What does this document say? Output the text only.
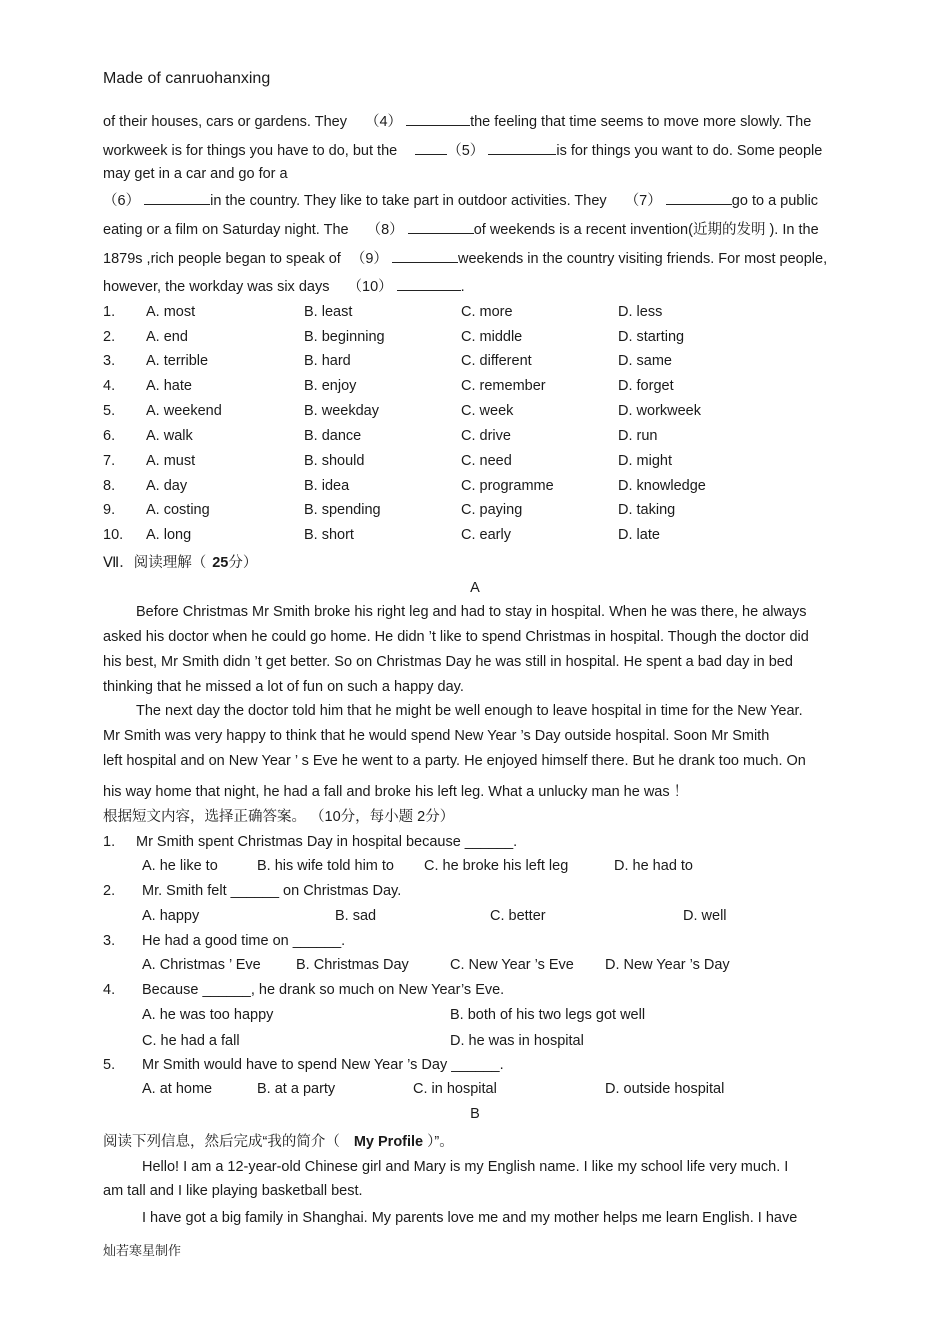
Made of canruohanxing
of their houses, cars or gardens. They （4）	the feeling that time seems to move more slowly. The
workweek is for things you have to do, but the	（5）	is for things you want to do. Some people
may get in a car and go for a
（6）	in the country. They like to take part in outdoor activities. They （7）	go to a public
eating or a film on Saturday night. The （8）	of weekends is a recent invention(近期的发明 ). In the
1879s ,rich people began to speak of （9）	weekends in the country visiting friends. For most people,
however, the workday was six days （10）	.
1. A. most	B. least	C. more	D. less
2. A. end	B. beginning	C. middle	D. starting
3. A. terrible	B. hard	C. different	D. same
4. A. hate	B. enjoy	C. remember	D. forget
5. A. weekend	B. weekday	C. week	D. workweek
6. A. walk	B. dance	C. drive	D. run
7. A. must	B. should	C. need	D. might
8. A. day	B. idea	C. programme	D. knowledge
9. A. costing	B. spending	C. paying	D. taking
10. A. long	B. short	C. early	D. late
Ⅶ．阅读理解（ 25分）
A
Before Christmas Mr Smith broke his right leg and had to stay in hospital. When he was there, he always
asked his doctor when he could go home. He didn ’t like to spend Christmas in hospital. Though the doctor did
his best, Mr Smith didn ’t get better. So on Christmas Day he was still in hospital. He spent a bad day in bed
thinking that he missed a lot of fun on such a happy day.
The next day the doctor told him that he might be well enough to leave hospital in time for the New Year.
Mr Smith was very happy to think that he would spend New Year ’s Day outside hospital. Soon Mr Smith
left hospital and on New Year ’ s Eve he went to a party. He enjoyed himself there. But he drank too much. On
his way home that night, he had a fall and broke his left leg. What a unlucky man he was ！
根据短文内容，选择正确答案。 （10分，每小题 2分）
1. Mr Smith spent Christmas Day in hospital because ______.
A. he like to	B. his wife told him to C. he broke his left leg	D. he had to
2. Mr. Smith felt ______ on Christmas Day.
A. happy	B. sad	C. better	D. well
3. He had a good time on ______.
A. Christmas ’ Eve B. Christmas Day	C. New Year ’s Eve D. New Year ’s Day
4. Because ______, he drank so much on New Year’s Eve.
A. he was too happy	B. both of his two legs got well
C. he had a fall	D. he was in hospital
5. Mr Smith would have to spend New Year ’s Day ______.
A. at home	B. at a party	C. in hospital	D. outside hospital
B
阅读下列信息，然后完成“我的简介（ My Profile ）”。
Hello! I am a 12-year-old Chinese girl and Mary is my English name. I like my school life very much. I
am tall and I like playing basketball best.
I have got a big family in Shanghai. My parents love me and my mother helps me learn English. I have
灿若寒星制作
